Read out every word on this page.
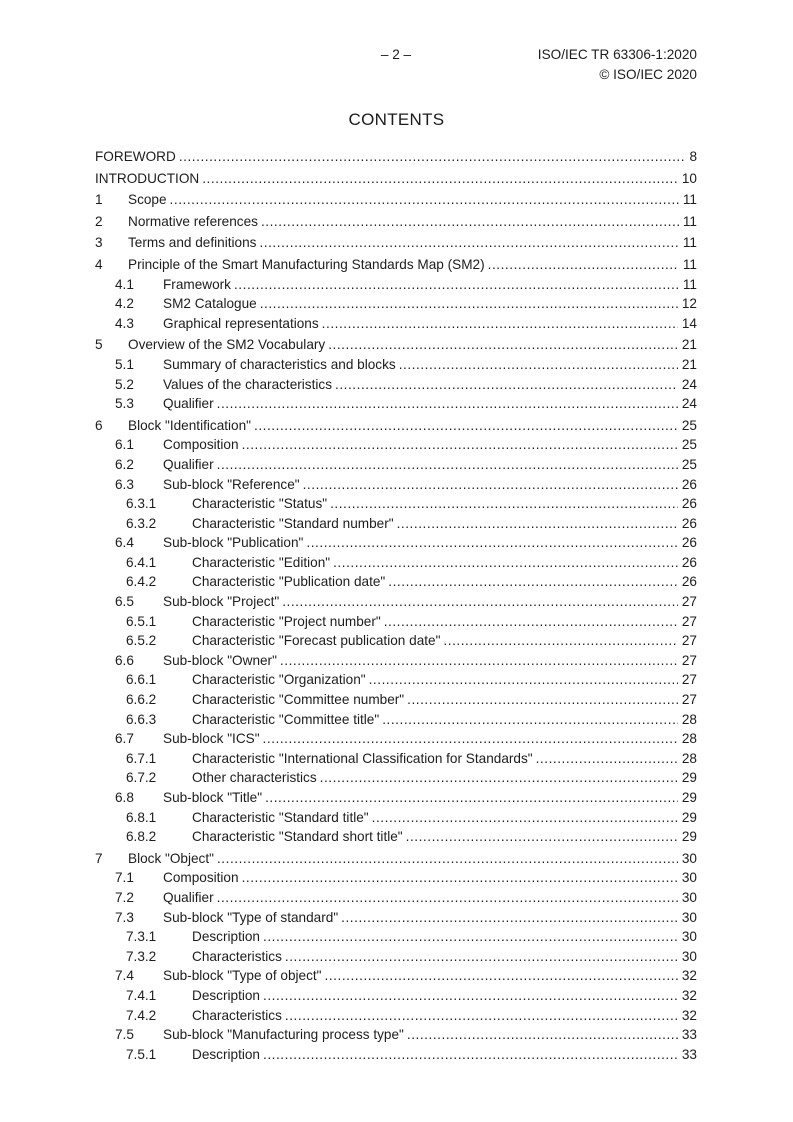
– 2 –	ISO/IEC TR 63306-1:2020
© ISO/IEC 2020
CONTENTS
FOREWORD .....	8
INTRODUCTION .....	10
1	Scope .....	11
2	Normative references .....	11
3	Terms and definitions .....	11
4	Principle of the Smart Manufacturing Standards Map (SM2) .....	11
4.1	Framework .....	11
4.2	SM2 Catalogue .....	12
4.3	Graphical representations .....	14
5	Overview of the SM2 Vocabulary .....	21
5.1	Summary of characteristics and blocks .....	21
5.2	Values of the characteristics .....	24
5.3	Qualifier .....	24
6	Block "Identification" .....	25
6.1	Composition .....	25
6.2	Qualifier .....	25
6.3	Sub-block "Reference" .....	26
6.3.1	Characteristic "Status" .....	26
6.3.2	Characteristic "Standard number" .....	26
6.4	Sub-block "Publication" .....	26
6.4.1	Characteristic "Edition" .....	26
6.4.2	Characteristic "Publication date" .....	26
6.5	Sub-block "Project" .....	27
6.5.1	Characteristic "Project number" .....	27
6.5.2	Characteristic "Forecast publication date" .....	27
6.6	Sub-block "Owner" .....	27
6.6.1	Characteristic "Organization" .....	27
6.6.2	Characteristic "Committee number" .....	27
6.6.3	Characteristic "Committee title" .....	28
6.7	Sub-block "ICS" .....	28
6.7.1	Characteristic "International Classification for Standards" .....	28
6.7.2	Other characteristics .....	29
6.8	Sub-block "Title" .....	29
6.8.1	Characteristic "Standard title" .....	29
6.8.2	Characteristic "Standard short title" .....	29
7	Block "Object" .....	30
7.1	Composition .....	30
7.2	Qualifier .....	30
7.3	Sub-block "Type of standard" .....	30
7.3.1	Description .....	30
7.3.2	Characteristics .....	30
7.4	Sub-block "Type of object" .....	32
7.4.1	Description .....	32
7.4.2	Characteristics .....	32
7.5	Sub-block "Manufacturing process type" .....	33
7.5.1	Description .....	33
